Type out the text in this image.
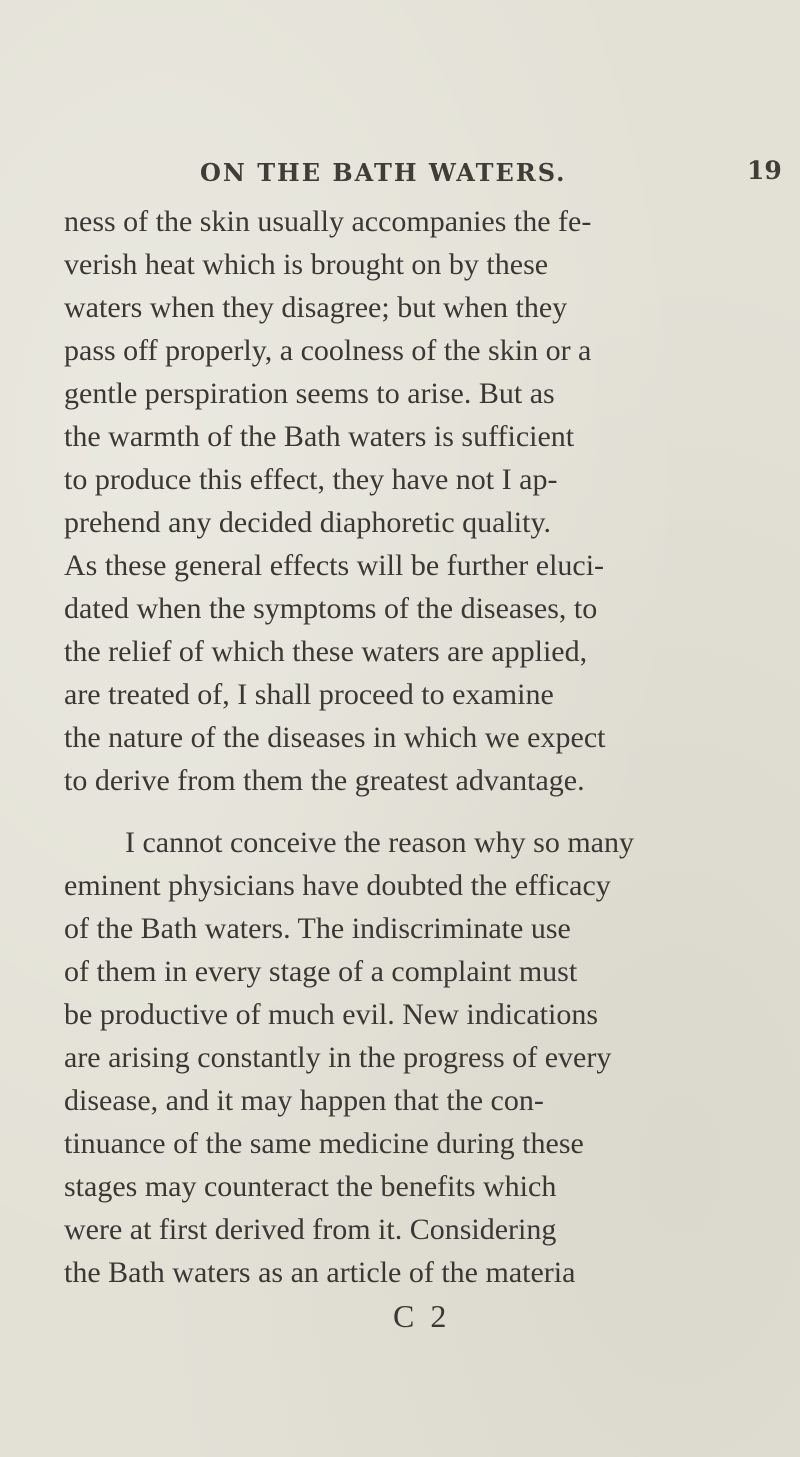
ON THE BATH WATERS.	19
ness of the skin usually accompanies the fe-
verish heat which is brought on by these
waters when they disagree; but when they
pass off properly, a coolness of the skin or a
gentle perspiration seems to arise. But as
the warmth of the Bath waters is sufficient
to produce this effect, they have not I ap-
prehend any decided diaphoretic quality.
As these general effects will be further eluci-
dated when the symptoms of the diseases, to
the relief of which these waters are applied,
are treated of, I shall proceed to examine
the nature of the diseases in which we expect
to derive from them the greatest advantage.
I cannot conceive the reason why so many
eminent physicians have doubted the efficacy
of the Bath waters. The indiscriminate use
of them in every stage of a complaint must
be productive of much evil. New indications
are arising constantly in the progress of every
disease, and it may happen that the con-
tinuance of the same medicine during these
stages may counteract the benefits which
were at first derived from it. Considering
the Bath waters as an article of the materia
C 2
